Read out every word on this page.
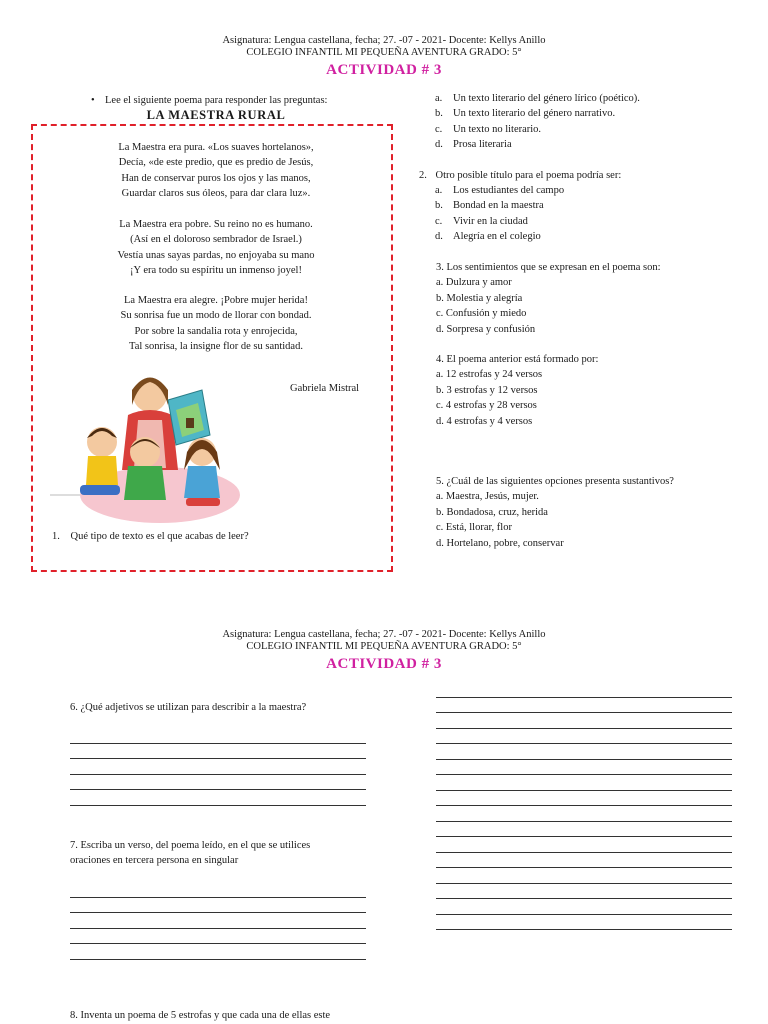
Asignatura: Lengua castellana, fecha; 27. -07 - 2021- Docente: Kellys Anillo
COLEGIO INFANTIL MI PEQUEÑA AVENTURA GRADO: 5°
ACTIVIDAD # 3
• Lee el siguiente poema para responder las preguntas:
LA MAESTRA RURAL
La Maestra era pura. «Los suaves hortelanos»,
Decía, «de este predio, que es predio de Jesús,
Han de conservar puros los ojos y las manos,
Guardar claros sus óleos, para dar clara luz».
La Maestra era pobre. Su reino no es humano.
(Así en el doloroso sembrador de Israel.)
Vestía unas sayas pardas, no enjoyaba su mano
¡Y era todo su espíritu un inmenso joyel!
La Maestra era alegre. ¡Pobre mujer herida!
Su sonrisa fue un modo de llorar con bondad.
Por sobre la sandalia rota y enrojecida,
Tal sonrisa, la insigne flor de su santidad.
Gabriela Mistral
1. Qué tipo de texto es el que acabas de leer?
a. Un texto literario del género lírico (poético).
b. Un texto literario del género narrativo.
c. Un texto no literario.
d. Prosa literaria
2. Otro posible título para el poema podría ser:
a. Los estudiantes del campo
b. Bondad en la maestra
c. Vivir en la ciudad
d. Alegría en el colegio
3. Los sentimientos que se expresan en el poema son:
a. Dulzura y amor
b. Molestia y alegría
c. Confusión y miedo
d. Sorpresa y confusión
4. El poema anterior está formado por:
a. 12 estrofas y 24 versos
b. 3 estrofas y 12 versos
c. 4 estrofas y 28 versos
d. 4 estrofas y 4 versos
5. ¿Cuál de las siguientes opciones presenta sustantivos?
a. Maestra, Jesús, mujer.
b. Bondadosa, cruz, herida
c. Está, llorar, flor
d. Hortelano, pobre, conservar
Asignatura: Lengua castellana, fecha; 27. -07 - 2021- Docente: Kellys Anillo
COLEGIO INFANTIL MI PEQUEÑA AVENTURA GRADO: 5°
ACTIVIDAD # 3
6. ¿Qué adjetivos se utilizan para describir a la maestra?
7. Escriba un verso, del poema leído, en el que se utilices
oraciones en tercera persona en singular
8. Inventa un poema de 5 estrofas y que cada una de ellas este
